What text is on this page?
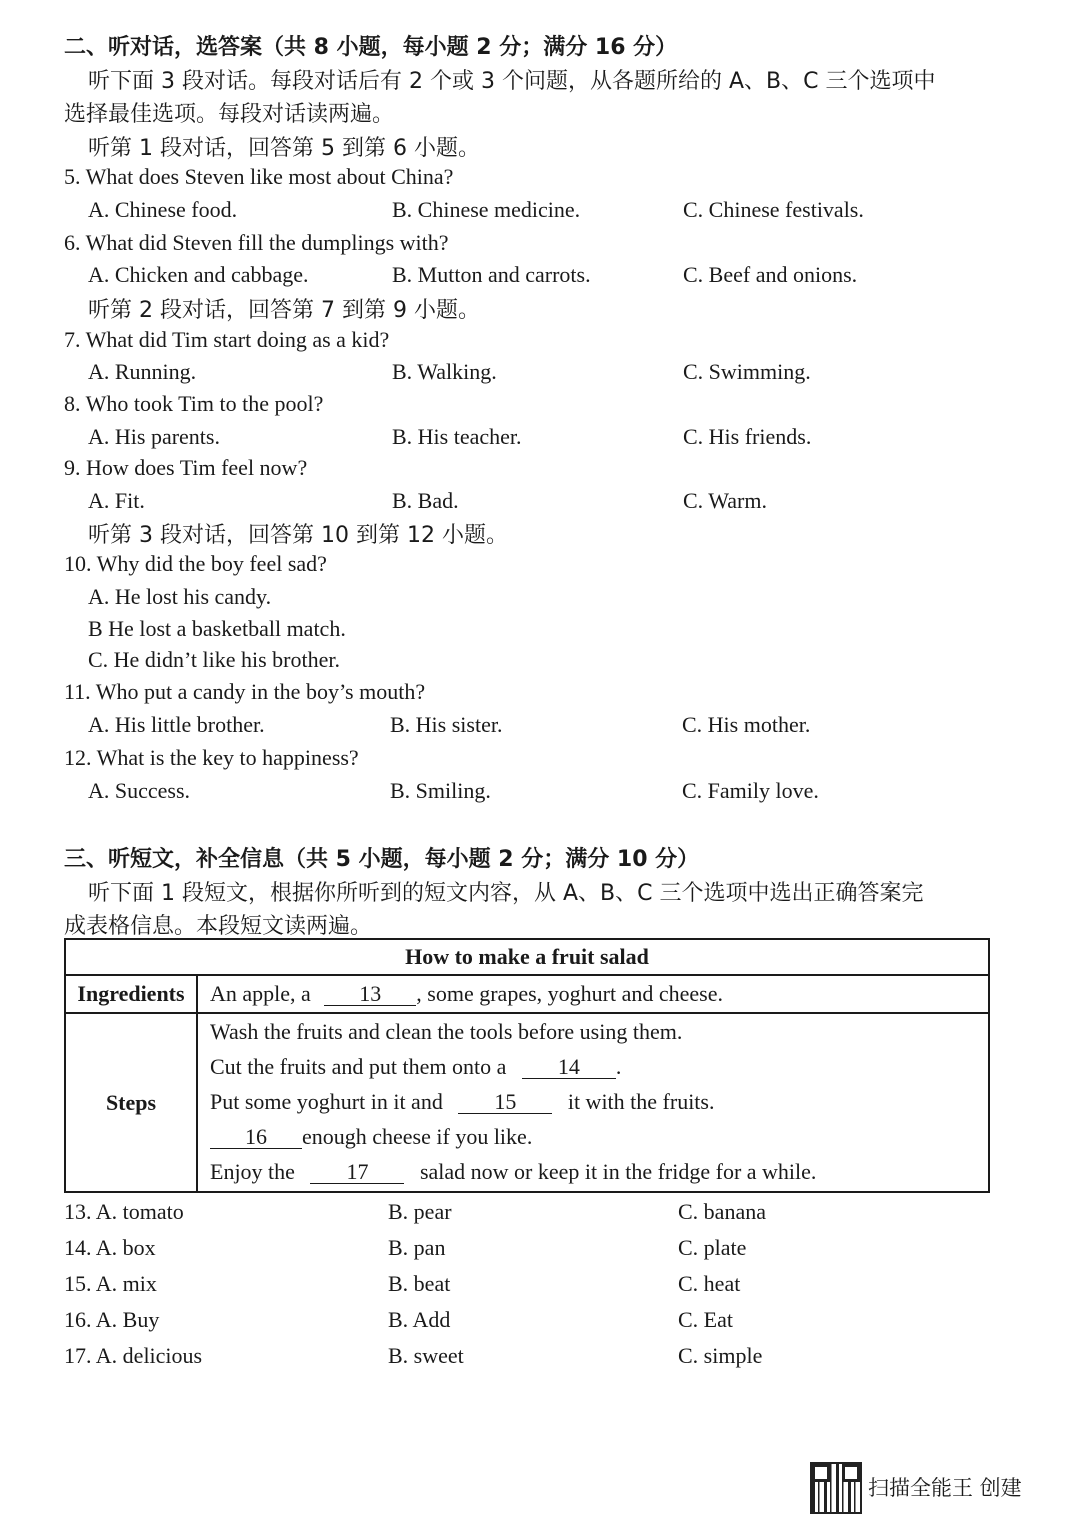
二、听对话，选答案（共 8 小题，每小题 2 分；满分 16 分）
听下面 3 段对话。每段对话后有 2 个或 3 个问题，从各题所给的 A、B、C 三个选项中
选择最佳选项。每段对话读两遍。
听第 1 段对话，回答第 5 到第 6 小题。
5. What does Steven like most about China?
A. Chinese food.	B. Chinese medicine.	C. Chinese festivals.
6. What did Steven fill the dumplings with?
A. Chicken and cabbage.	B. Mutton and carrots.	C. Beef and onions.
听第 2 段对话，回答第 7 到第 9 小题。
7. What did Tim start doing as a kid?
A. Running.	B. Walking.	C. Swimming.
8. Who took Tim to the pool?
A. His parents.	B. His teacher.	C. His friends.
9. How does Tim feel now?
A. Fit.	B. Bad.	C. Warm.
听第 3 段对话，回答第 10 到第 12 小题。
10. Why did the boy feel sad?
A. He lost his candy.
B He lost a basketball match.
C. He didn’t like his brother.
11. Who put a candy in the boy’s mouth?
A. His little brother.	B. His sister.	C. His mother.
12. What is the key to happiness?
A. Success.	B. Smiling.	C. Family love.
三、听短文，补全信息（共 5 小题，每小题 2 分；满分 10 分）
听下面 1 段短文，根据你所听到的短文内容，从 A、B、C 三个选项中选出正确答案完
成表格信息。本段短文读两遍。
How to make a fruit salad	
Ingredients	An apple, a 13 , some grapes, yoghurt and cheese.
Steps	Wash the fruits and clean the tools before using them.
Cut the fruits and put them onto a 14 .
Put some yoghurt in it and 15 it with the fruits.
16 enough cheese if you like.
Enjoy the 17 salad now or keep it in the fridge for a while.
13. A. tomato	B. pear	C. banana
14. A. box	B. pan	C. plate
15. A. mix	B. beat	C. heat
16. A. Buy	B. Add	C. Eat
17. A. delicious	B. sweet	C. simple
扫描全能王 创建
